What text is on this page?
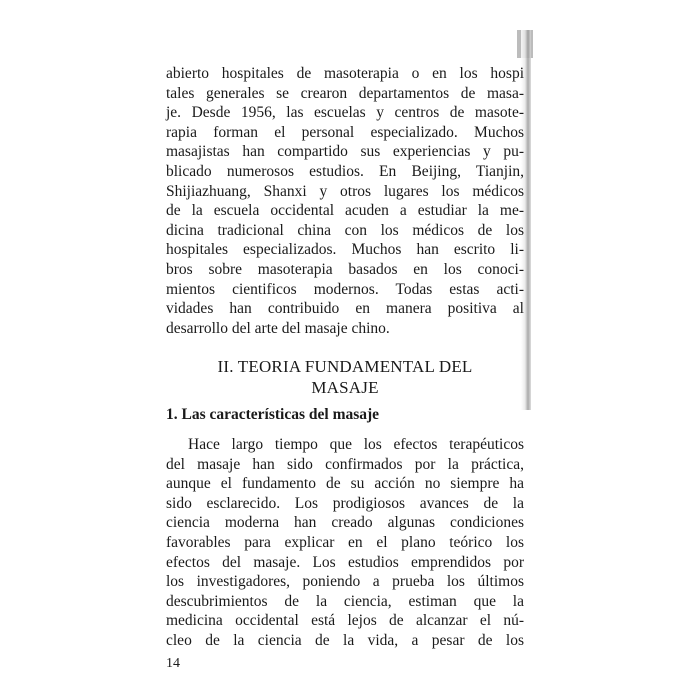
abierto hospitales de masoterapia o en los hospi
tales generales se crearon departamentos de masa-
je. Desde 1956, las escuelas y centros de masote-
rapia forman el personal especializado. Muchos
masajistas han compartido sus experiencias y pu-
blicado numerosos estudios. En Beijing, Tianjin,
Shijiazhuang, Shanxi y otros lugares los médicos
de la escuela occidental acuden a estudiar la me-
dicina tradicional china con los médicos de los
hospitales especializados. Muchos han escrito li-
bros sobre masoterapia basados en los conoci-
mientos cientificos modernos. Todas estas acti-
vidades han contribuido en manera positiva al
desarrollo del arte del masaje chino.
II. TEORIA FUNDAMENTAL DEL
MASAJE
1. Las características del masaje
Hace largo tiempo que los efectos terapéuticos
del masaje han sido confirmados por la práctica,
aunque el fundamento de su acción no siempre ha
sido esclarecido. Los prodigiosos avances de la
ciencia moderna han creado algunas condiciones
favorables para explicar en el plano teórico los
efectos del masaje. Los estudios emprendidos por
los investigadores, poniendo a prueba los últimos
descubrimientos de la ciencia, estiman que la
medicina occidental está lejos de alcanzar el nú-
cleo de la ciencia de la vida, a pesar de los
14
